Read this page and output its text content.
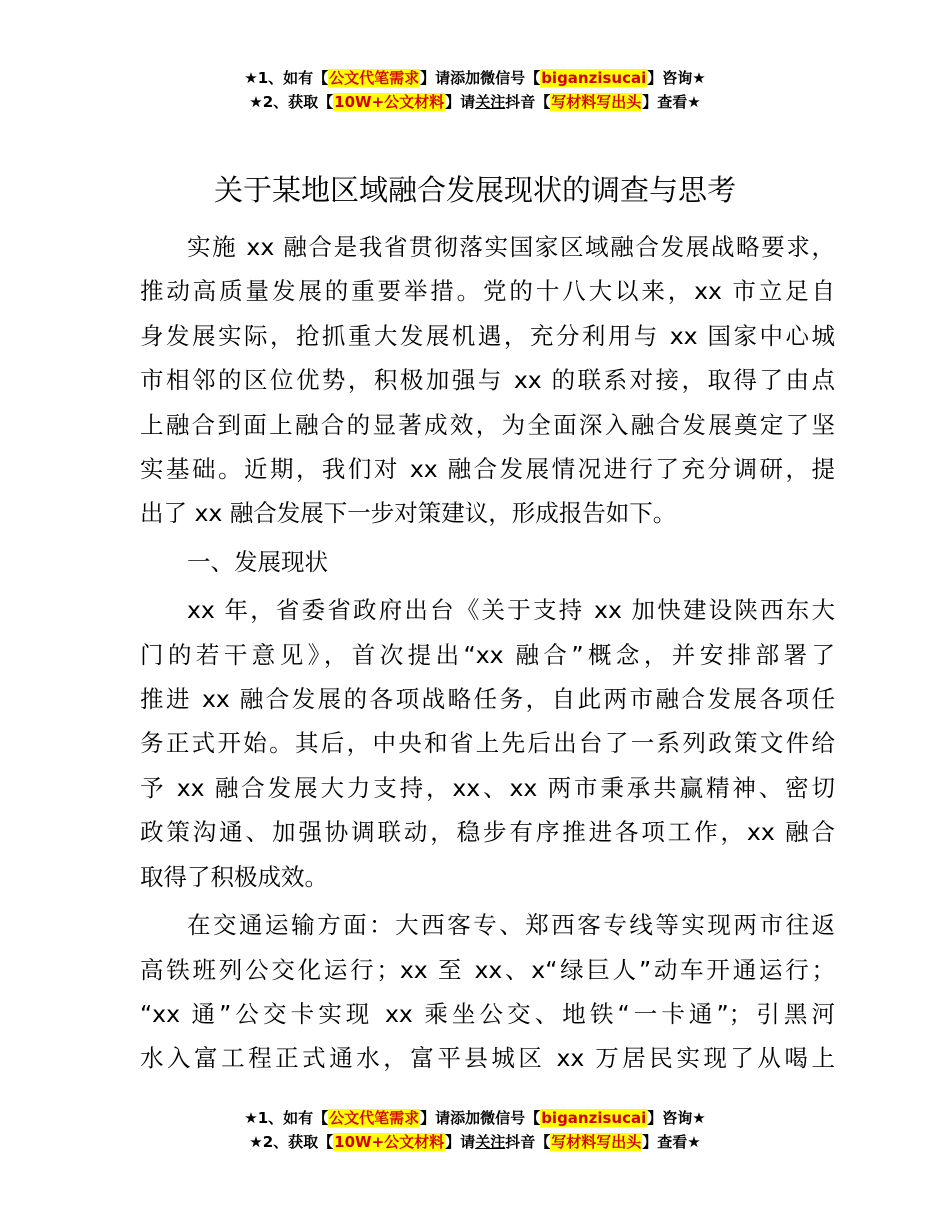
★1、如有【公文代笔需求】请添加微信号【biganzisucai】咨询★
★2、获取【10W+公文材料】请关注抖音【写材料写出头】查看★
关于某地区域融合发展现状的调查与思考

实施 xx 融合是我省贯彻落实国家区域融合发展战略要求，
推动高质量发展的重要举措。党的十八大以来，xx 市立足自
身发展实际，抢抓重大发展机遇，充分利用与 xx 国家中心城
市相邻的区位优势，积极加强与 xx 的联系对接，取得了由点
上融合到面上融合的显著成效，为全面深入融合发展奠定了坚
实基础。近期，我们对 xx 融合发展情况进行了充分调研，提
出了 xx 融合发展下一步对策建议，形成报告如下。

一、发展现状

xx 年，省委省政府出台《关于支持 xx 加快建设陕西东大
门的若干意见》，首次提出“xx 融合”概念，并安排部署了
推进 xx 融合发展的各项战略任务，自此两市融合发展各项任
务正式开始。其后，中央和省上先后出台了一系列政策文件给
予 xx 融合发展大力支持，xx、xx 两市秉承共赢精神、密切
政策沟通、加强协调联动，稳步有序推进各项工作，xx 融合
取得了积极成效。

在交通运输方面：大西客专、郑西客专线等实现两市往返
高铁班列公交化运行；xx 至 xx、x“绿巨人”动车开通运行；
“xx 通”公交卡实现 xx 乘坐公交、地铁“一卡通”；引黑河
水入富工程正式通水，富平县城区 xx 万居民实现了从喝上

★1、如有【公文代笔需求】请添加微信号【biganzisucai】咨询★
★2、获取【10W+公文材料】请关注抖音【写材料写出头】查看★
